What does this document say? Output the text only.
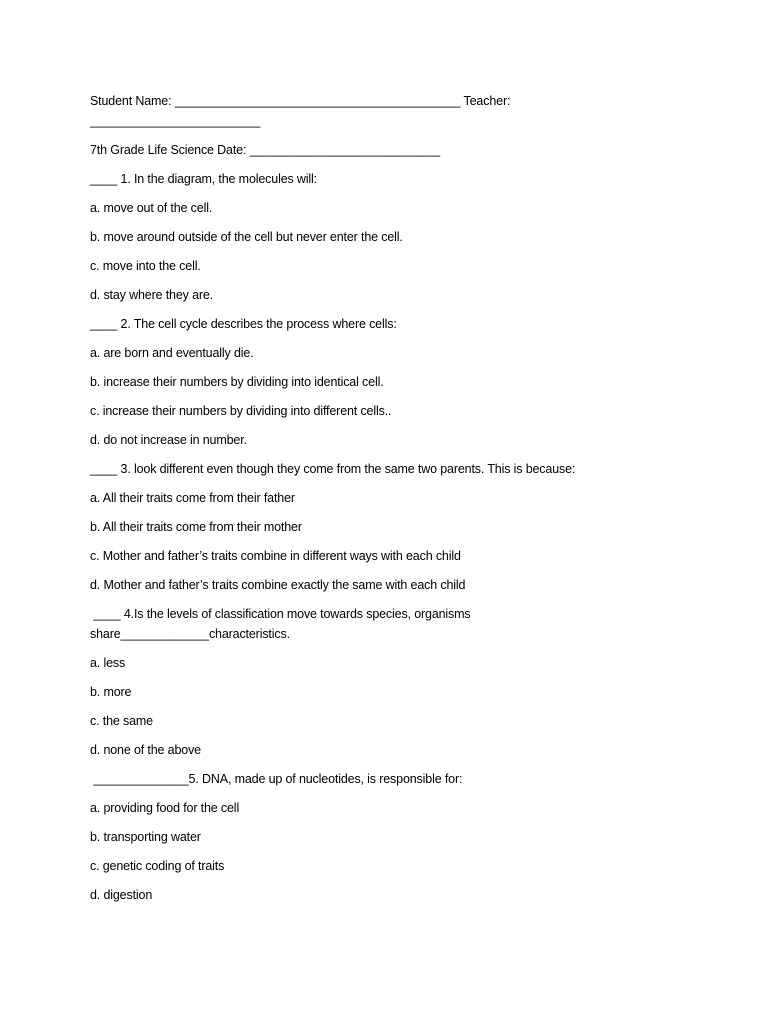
Student Name: __________________________________________ Teacher:
_________________________
7th Grade Life Science Date: ____________________________
____ 1. In the diagram, the molecules will:
a. move out of the cell.
b. move around outside of the cell but never enter the cell.
c. move into the cell.
d. stay where they are.
____ 2. The cell cycle describes the process where cells:
a. are born and eventually die.
b. increase their numbers by dividing into identical cell.
c. increase their numbers by dividing into different cells..
d. do not increase in number.
____ 3. look different even though they come from the same two parents. This is because:
a. All their traits come from their father
b. All their traits come from their mother
c. Mother and father’s traits combine in different ways with each child
d. Mother and father’s traits combine exactly the same with each child
____ 4.Is the levels of classification move towards species, organisms
share_____________characteristics.
a. less
b. more
c. the same
d. none of the above
______________5. DNA, made up of nucleotides, is responsible for:
a. providing food for the cell
b. transporting water
c. genetic coding of traits
d. digestion
